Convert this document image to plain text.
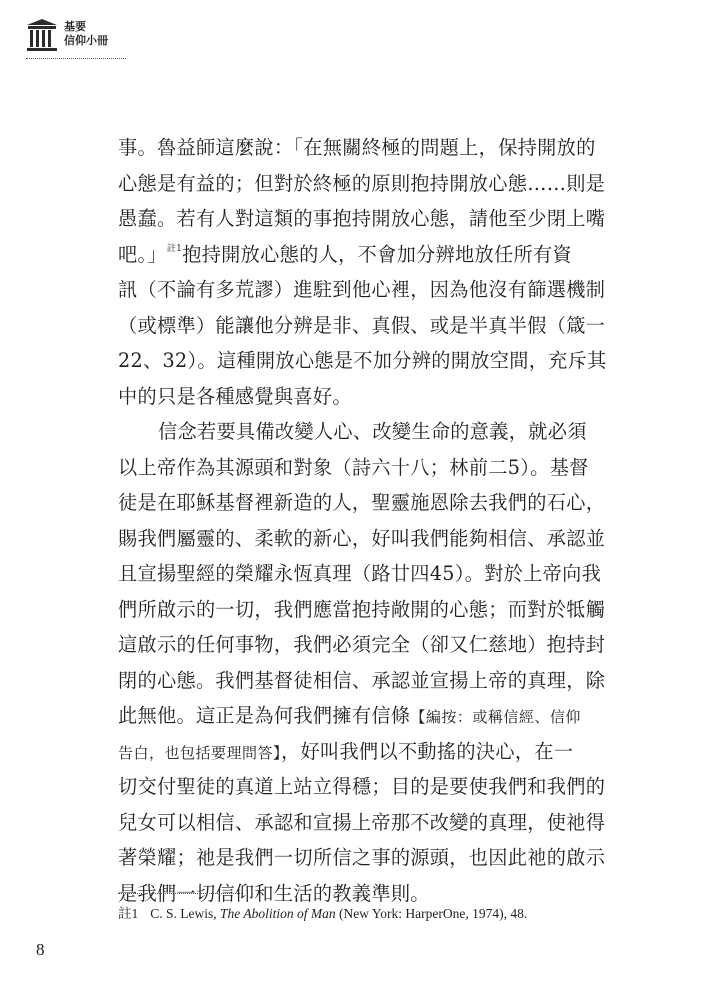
基要
信仰小冊
事。魯益師這麼說：「在無關終極的問題上，保持開放的
心態是有益的；但對於終極的原則抱持開放心態……則是
愚蠢。若有人對這類的事抱持開放心態，請他至少閉上嘴
吧。」$^{註1}$抱持開放心態的人，不會加分辨地放任所有資
訊（不論有多荒謬）進駐到他心裡，因為他沒有篩選機制
（或標準）能讓他分辨是非、真假、或是半真半假（箴一
22、32）。這種開放心態是不加分辨的開放空間，充斥其
中的只是各種感覺與喜好。
信念若要具備改變人心、改變生命的意義，就必須
以上帝作為其源頭和對象（詩六十八；林前二5）。基督
徒是在耶穌基督裡新造的人，聖靈施恩除去我們的石心，
賜我們屬靈的、柔軟的新心，好叫我們能夠相信、承認並
且宣揚聖經的榮耀永恆真理（路廿四45）。對於上帝向我
們所啟示的一切，我們應當抱持敞開的心態；而對於牴觸
這啟示的任何事物，我們必須完全（卻又仁慈地）抱持封
閉的心態。我們基督徒相信、承認並宣揚上帝的真理，除
此無他。這正是為何我們擁有信條【編按：或稱信經、信仰
告白，也包括要理問答】，好叫我們以不動搖的決心，在一
切交付聖徒的真道上站立得穩；目的是要使我們和我們的
兒女可以相信、承認和宣揚上帝那不改變的真理，使祂得
著榮耀；祂是我們一切所信之事的源頭，也因此祂的啟示
是我們一切信仰和生活的教義準則。
註1 C. S. Lewis, The Abolition of Man (New York: HarperOne, 1974), 48.
8
